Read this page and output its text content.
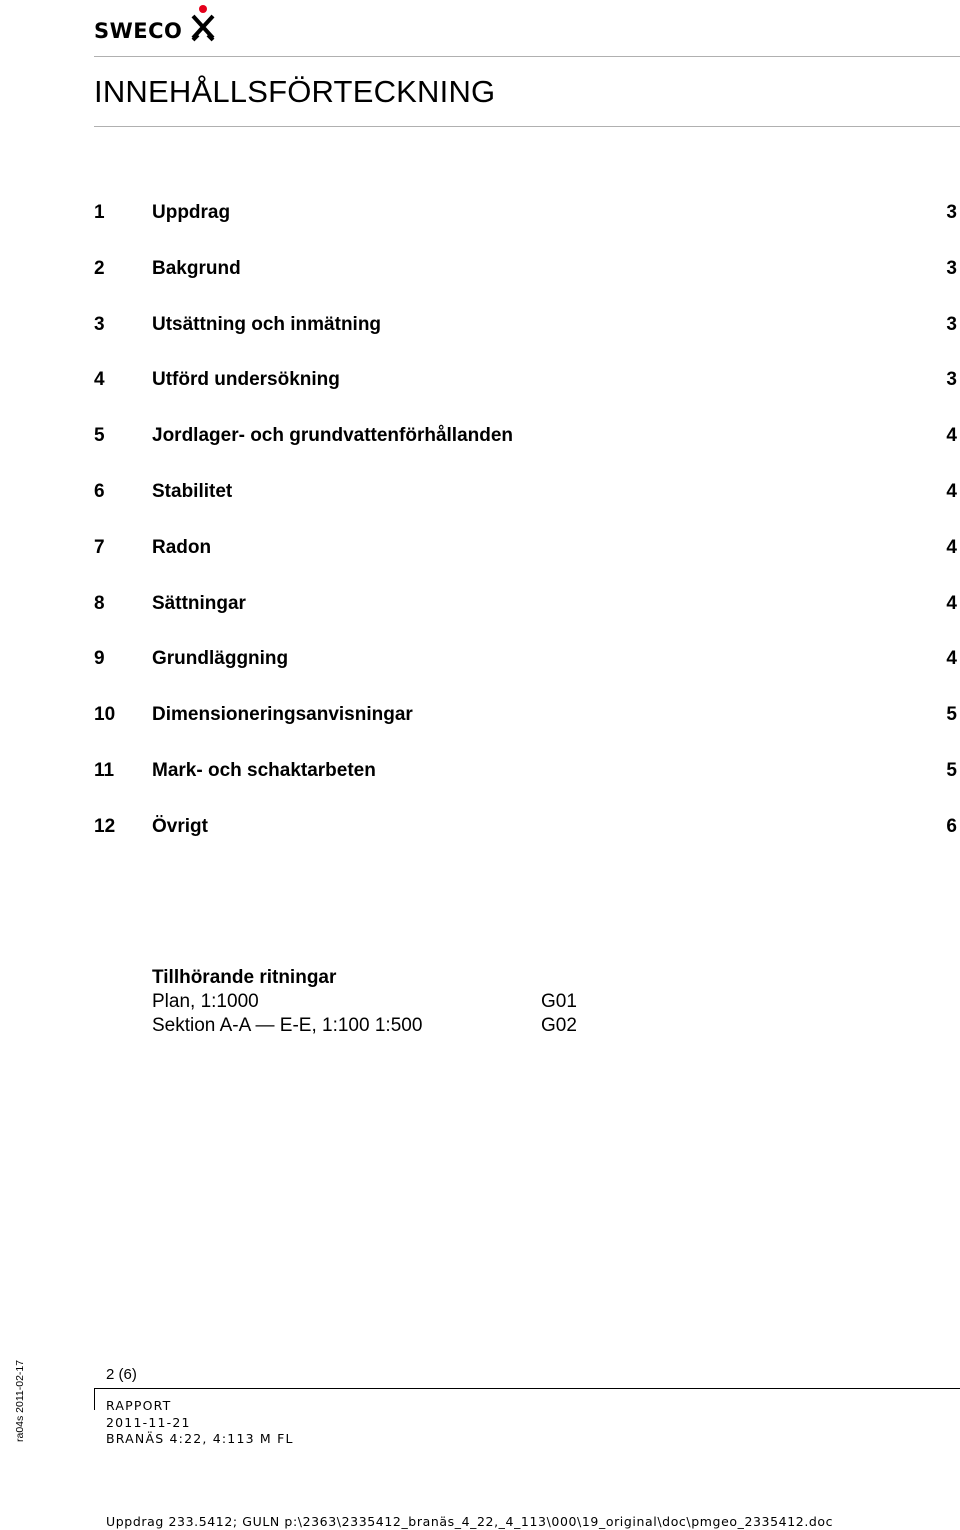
SWECO
INNEHÅLLSFÖRTECKNING
1 Uppdrag	3
2 Bakgrund	3
3 Utsättning och inmätning	3
4 Utförd undersökning	3
5 Jordlager- och grundvattenförhållanden	4
6 Stabilitet	4
7 Radon	4
8 Sättningar	4
9 Grundläggning	4
10 Dimensioneringsanvisningar	5
11 Mark- och schaktarbeten	5
12 Övrigt	6
Tillhörande ritningar
Plan, 1:1000	G01
Sektion A-A — E-E, 1:100 1:500	G02
2 (6)
RAPPORT
2011-11-21
BRANÄS 4:22, 4:113 M FL
ra04s 2011-02-17
Uppdrag 233.5412; GULN p:\2363\2335412_branäs_4_22,_4_113\000\19_original\doc\pmgeo_2335412.doc
